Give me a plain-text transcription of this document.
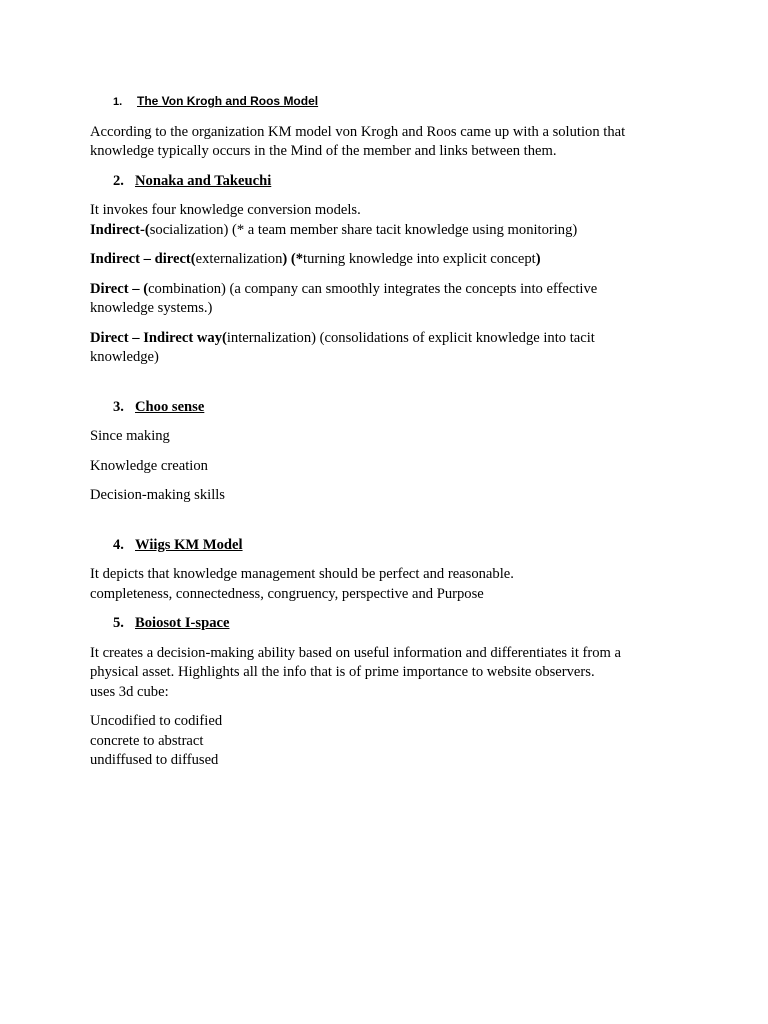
1. The Von Krogh and Roos Model

According to the organization KM model von Krogh and Roos came up with a solution that knowledge typically occurs in the Mind of the member and links between them.

2. Nonaka and Takeuchi

It invokes four knowledge conversion models.

Indirect-(socialization) (* a team member share tacit knowledge using monitoring)

Indirect – direct(externalization) (*turning knowledge into explicit concept)

Direct – (combination) (a company can smoothly integrates the concepts into effective knowledge systems.)

Direct – Indirect way(internalization) (consolidations of explicit knowledge into tacit knowledge)

3. Choo sense

Since making

Knowledge creation

Decision-making skills

4. Wiigs KM Model

It depicts that knowledge management should be perfect and reasonable.

completeness, connectedness, congruency, perspective and Purpose

5. Boiosot I-space

It creates a decision-making ability based on useful information and differentiates it from a physical asset. Highlights all the info that is of prime importance to website observers.

uses 3d cube:

Uncodified to codified

concrete to abstract

undiffused to diffused
